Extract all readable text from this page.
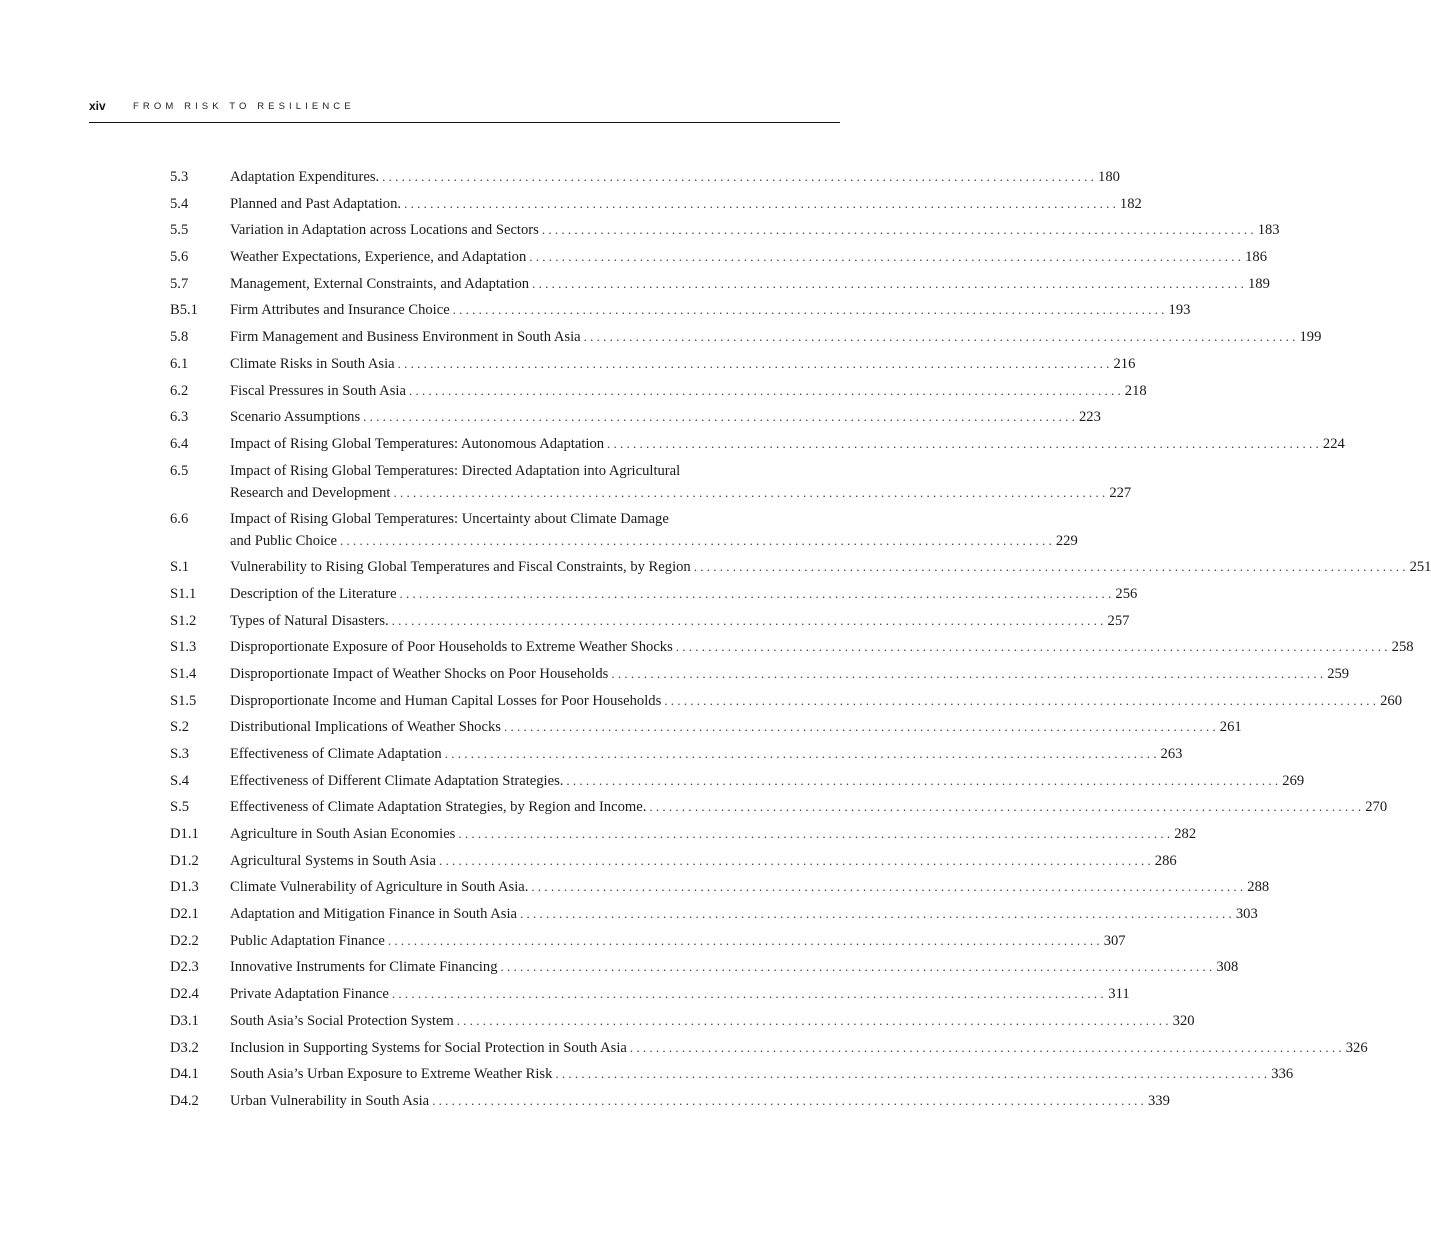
xiv	FROM RISK TO RESILIENCE
5.3	Adaptation Expenditures. . . .	180
5.4	Planned and Past Adaptation. . . .	182
5.5	Variation in Adaptation across Locations and Sectors . . .	183
5.6	Weather Expectations, Experience, and Adaptation . . .	186
5.7	Management, External Constraints, and Adaptation . . .	189
B5.1	Firm Attributes and Insurance Choice . . .	193
5.8	Firm Management and Business Environment in South Asia . . .	199
6.1	Climate Risks in South Asia . . .	216
6.2	Fiscal Pressures in South Asia . . .	218
6.3	Scenario Assumptions . . .	223
6.4	Impact of Rising Global Temperatures: Autonomous Adaptation . . .	224
6.5	Impact of Rising Global Temperatures: Directed Adaptation into Agricultural
Research and Development . . .	227
6.6	Impact of Rising Global Temperatures: Uncertainty about Climate Damage
and Public Choice . . .	229
S.1	Vulnerability to Rising Global Temperatures and Fiscal Constraints, by Region . . .	251
S1.1	Description of the Literature . . .	256
S1.2	Types of Natural Disasters. . . .	257
S1.3	Disproportionate Exposure of Poor Households to Extreme Weather Shocks . . .	258
S1.4	Disproportionate Impact of Weather Shocks on Poor Households . . .	259
S1.5	Disproportionate Income and Human Capital Losses for Poor Households . . .	260
S.2	Distributional Implications of Weather Shocks . . .	261
S.3	Effectiveness of Climate Adaptation . . .	263
S.4	Effectiveness of Different Climate Adaptation Strategies. . . .	269
S.5	Effectiveness of Climate Adaptation Strategies, by Region and Income. . . .	270
D1.1	Agriculture in South Asian Economies . . .	282
D1.2	Agricultural Systems in South Asia . . .	286
D1.3	Climate Vulnerability of Agriculture in South Asia. . . .	288
D2.1	Adaptation and Mitigation Finance in South Asia . . .	303
D2.2	Public Adaptation Finance . . .	307
D2.3	Innovative Instruments for Climate Financing . . .	308
D2.4	Private Adaptation Finance . . .	311
D3.1	South Asia’s Social Protection System . . .	320
D3.2	Inclusion in Supporting Systems for Social Protection in South Asia . . .	326
D4.1	South Asia’s Urban Exposure to Extreme Weather Risk . . .	336
D4.2	Urban Vulnerability in South Asia . . .	339
